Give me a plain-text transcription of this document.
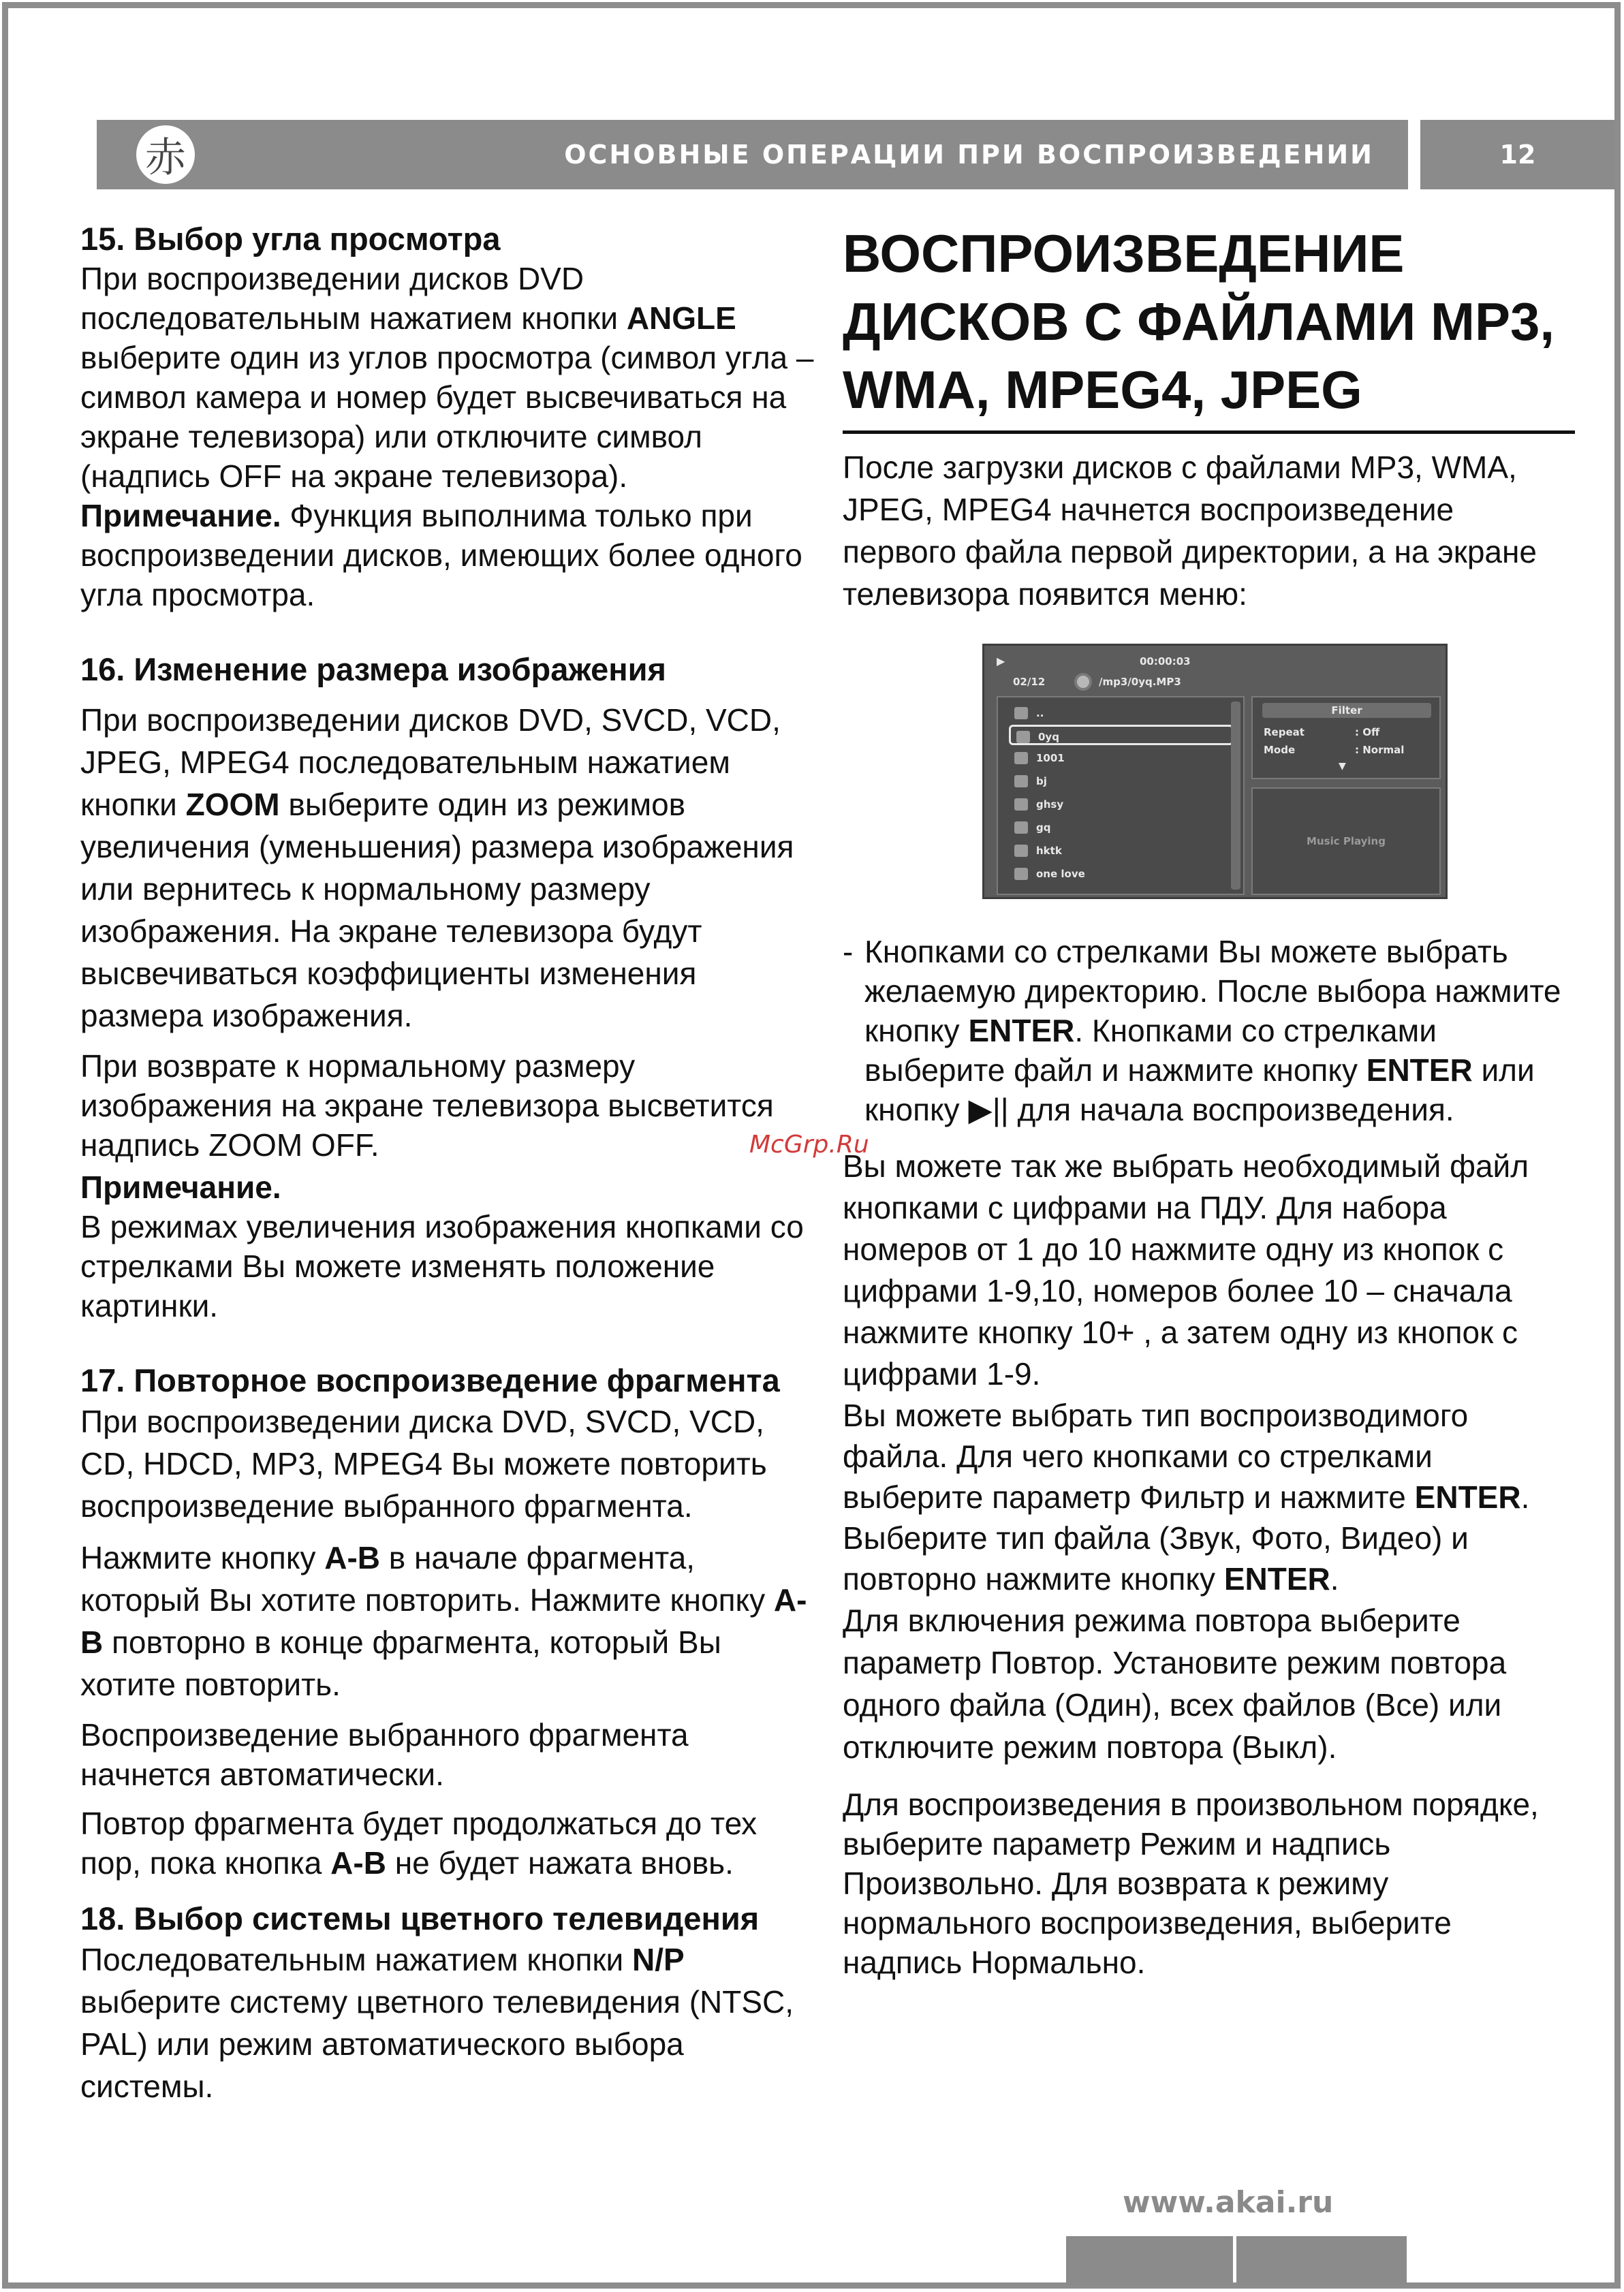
赤	ОСНОВНЫЕ ОПЕРАЦИИ ПРИ ВОСПРОИЗВЕДЕНИИ	12
15. Выбор угла просмотра

При воспроизведении дисков DVD последовательным нажатием кнопки ANGLE выберите один из углов просмотра (символ угла – символ камера и номер будет высвечиваться на экране телевизора) или отключите символ (надпись OFF на экране телевизора).

Примечание. Функция выполнима только при воспроизведении дисков, имеющих более одного угла просмотра.

16. Изменение размера изображения

При воспроизведении дисков DVD, SVCD, VCD, JPEG, MPEG4 последовательным нажатием кнопки ZOOM выберите один из режимов увеличения (уменьшения) размера изображения или вернитесь к нормальному размеру изображения. На экране телевизора будут высвечиваться коэффициенты изменения размера изображения.

При возврате к нормальному размеру изображения на экране телевизора высветится надпись ZOOM OFF.

Примечание.

В режимах увеличения изображения кнопками со стрелками Вы можете изменять положение картинки.

17. Повторное воспроизведение фрагмента

При воспроизведении диска DVD, SVCD, VCD, CD, HDCD, MP3, MPEG4 Вы можете повторить воспроизведение выбранного фрагмента.

Нажмите кнопку А-В в начале фрагмента, который Вы хотите повторить. Нажмите кнопку А-В повторно в конце фрагмента, который Вы хотите повторить.

Воспроизведение выбранного фрагмента начнется автоматически.

Повтор фрагмента будет продолжаться до тех пор, пока кнопка А-В не будет нажата вновь.

18. Выбор системы цветного телевидения

Последовательным нажатием кнопки N/P выберите систему цветного телевидения (NTSC, PAL) или режим автоматического выбора системы.

ВОСПРОИЗВЕДЕНИЕ ДИСКОВ С ФАЙЛАМИ MP3, WMA, MPEG4, JPEG

После загрузки дисков с файлами MP3, WMA, JPEG, MPEG4 начнется воспроизведение первого файла первой директории, а на экране телевизора появится меню:

▶	00:00:03
02/12	/mp3/0yq.MP3
..
0yq
1001
bj
ghsy
gq
hktk
one love
Filter
Repeat	: Off
Mode	: Normal
▼
Music Playing
- Кнопками со стрелками Вы можете выбрать желаемую директорию. После выбора нажмите кнопку ENTER. Кнопками со стрелками выберите файл и нажмите кнопку ENTER или кнопку ▶|| для начала воспроизведения.

Вы можете так же выбрать необходимый файл кнопками с цифрами на ПДУ. Для набора номеров от 1 до 10 нажмите одну из кнопок с цифрами 1-9,10, номеров более 10 – сначала нажмите кнопку 10+ , а затем одну из кнопок с цифрами 1-9.

Вы можете выбрать тип воспроизводимого файла. Для чего кнопками со стрелками выберите параметр Фильтр и нажмите ENTER. Выберите тип файла (Звук, Фото, Видео) и повторно нажмите кнопку ENTER.

Для включения режима повтора выберите параметр Повтор. Установите режим повтора одного файла (Один), всех файлов (Все) или отключите режим повтора (Выкл).

Для воспроизведения в произвольном порядке, выберите параметр Режим и надпись Произвольно. Для возврата к режиму нормального воспроизведения, выберите надпись Нормально.

McGrp.Ru
www.akai.ru
